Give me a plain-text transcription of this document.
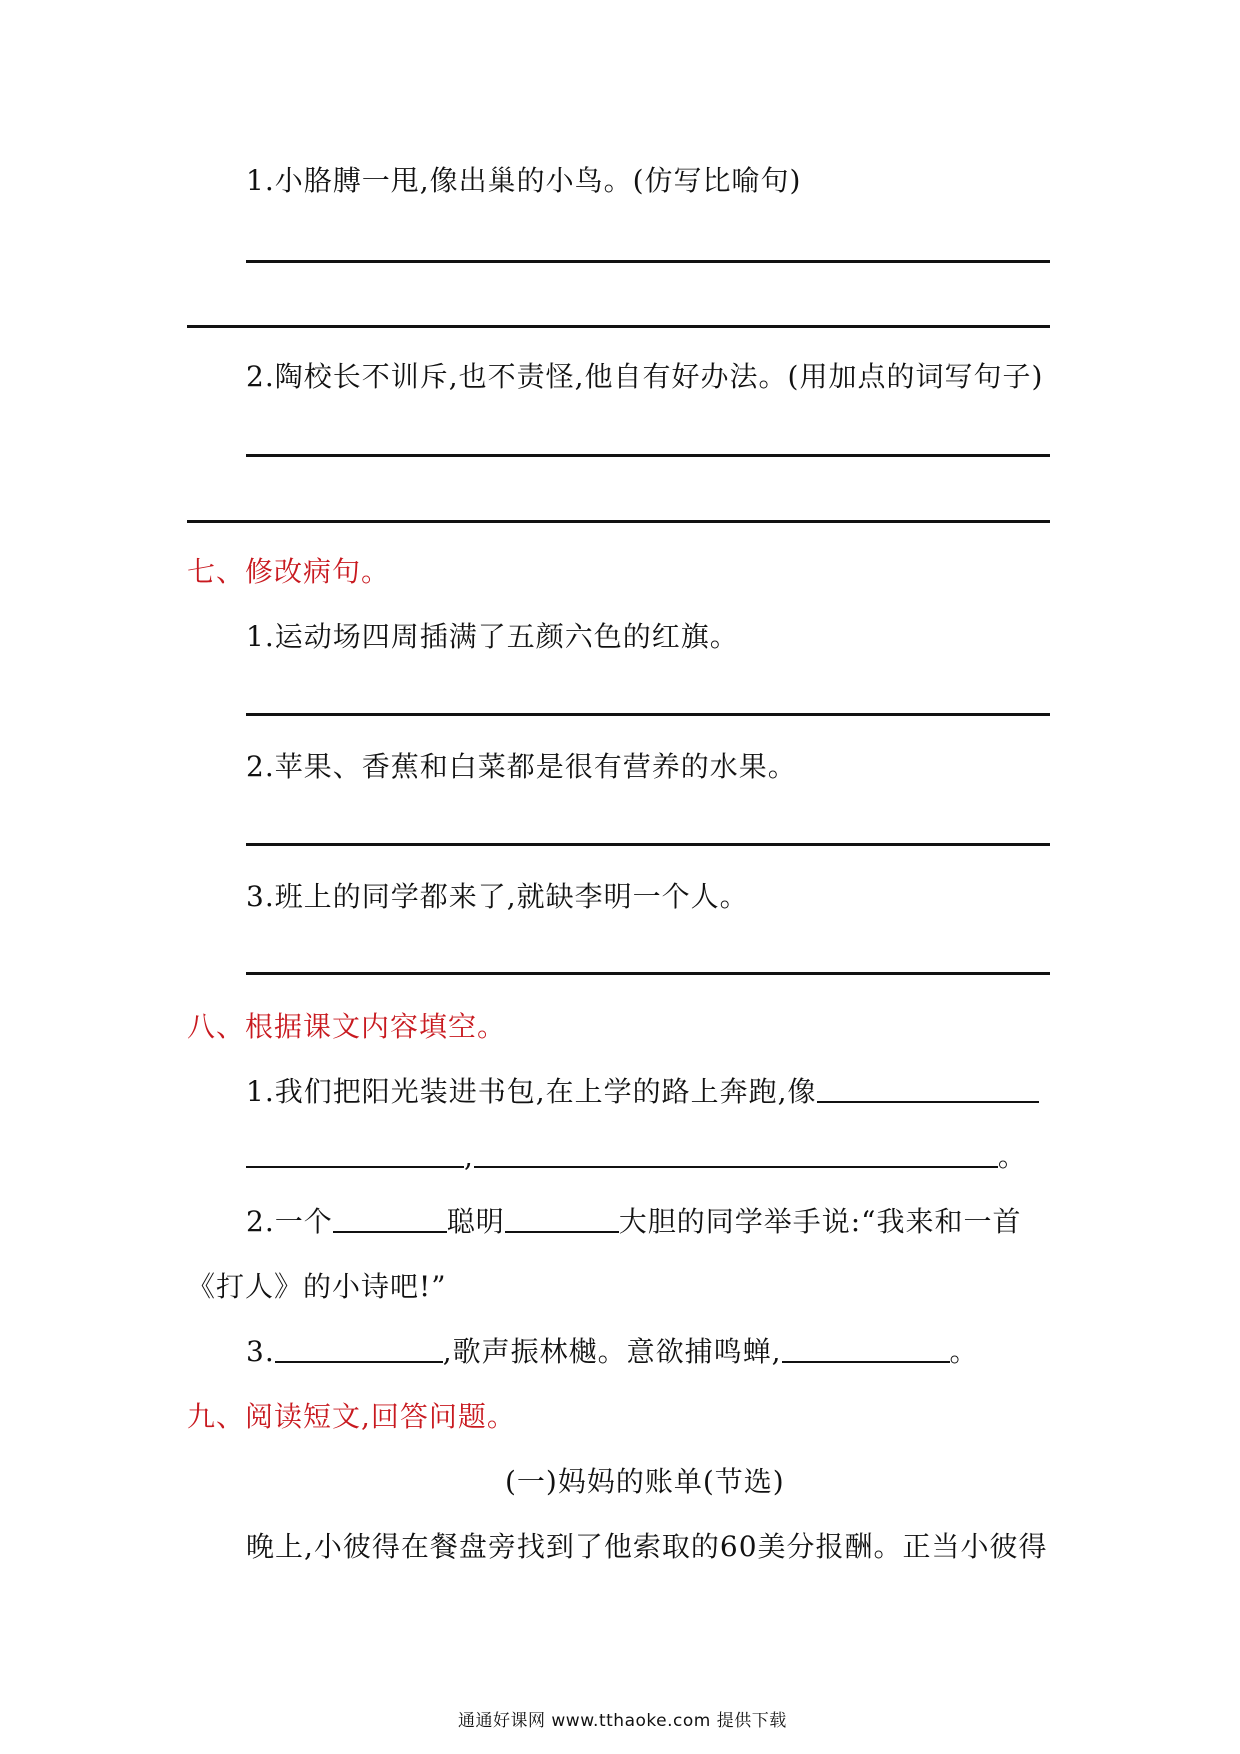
1.小胳膊一甩,像出巢的小鸟。(仿写比喻句)
2.陶校长不训斥,也不责怪,他自有好办法。(用加点的词写句子)
七、修改病句。
1.运动场四周插满了五颜六色的红旗。
2.苹果、香蕉和白菜都是很有营养的水果。
3.班上的同学都来了,就缺李明一个人。
八、根据课文内容填空。
1.我们把阳光装进书包,在上学的路上奔跑,像
,	。
2.一个	聪明	大胆的同学举手说:“我来和一首
《打人》的小诗吧!”
3.	,歌声振林樾。意欲捕鸣蝉,	。
九、阅读短文,回答问题。
(一)妈妈的账单(节选)
晚上,小彼得在餐盘旁找到了他索取的60美分报酬。正当小彼得
通通好课网 www.tthaoke.com 提供下载
